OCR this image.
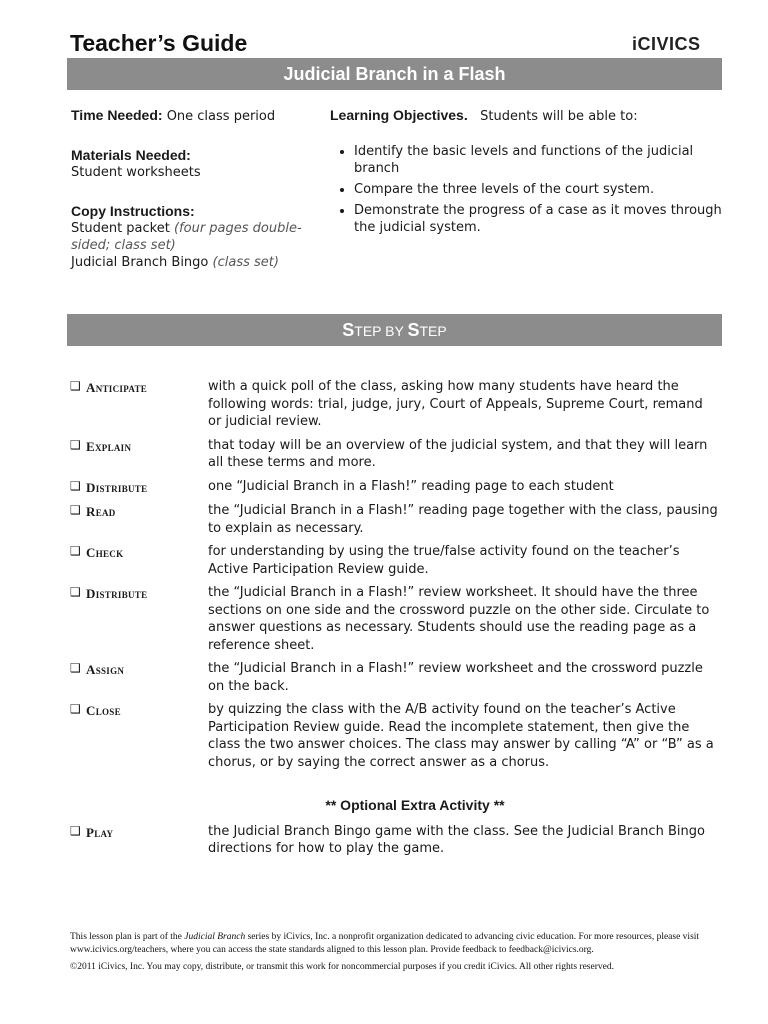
Teacher’s Guide	iCIVICS
Judicial Branch in a Flash
Time Needed: One class period
Materials Needed:
Student worksheets
Copy Instructions:
Student packet (four pages double-sided; class set)
Judicial Branch Bingo (class set)
Learning Objectives. Students will be able to:
• Identify the basic levels and functions of the judicial branch
• Compare the three levels of the court system.
• Demonstrate the progress of a case as it moves through the judicial system.
STEP BY STEP
❑ Anticipate	with a quick poll of the class, asking how many students have heard the following words: trial, judge, jury, Court of Appeals, Supreme Court, remand or judicial review.
❑ Explain	that today will be an overview of the judicial system, and that they will learn all these terms and more.
❑ Distribute	one “Judicial Branch in a Flash!” reading page to each student
❑ Read	the “Judicial Branch in a Flash!” reading page together with the class, pausing to explain as necessary.
❑ Check	for understanding by using the true/false activity found on the teacher’s Active Participation Review guide.
❑ Distribute	the “Judicial Branch in a Flash!” review worksheet. It should have the three sections on one side and the crossword puzzle on the other side. Circulate to answer questions as necessary. Students should use the reading page as a reference sheet.
❑ Assign	the “Judicial Branch in a Flash!” review worksheet and the crossword puzzle on the back.
❑ Close	by quizzing the class with the A/B activity found on the teacher’s Active Participation Review guide. Read the incomplete statement, then give the class the two answer choices. The class may answer by calling “A” or “B” as a chorus, or by saying the correct answer as a chorus.
** Optional Extra Activity **
❑ Play	the Judicial Branch Bingo game with the class. See the Judicial Branch Bingo directions for how to play the game.

This lesson plan is part of the Judicial Branch series by iCivics, Inc. a nonprofit organization dedicated to advancing civic education. For more resources, please visit www.icivics.org/teachers, where you can access the state standards aligned to this lesson plan. Provide feedback to feedback@icivics.org.

©2011 iCivics, Inc. You may copy, distribute, or transmit this work for noncommercial purposes if you credit iCivics. All other rights reserved.
